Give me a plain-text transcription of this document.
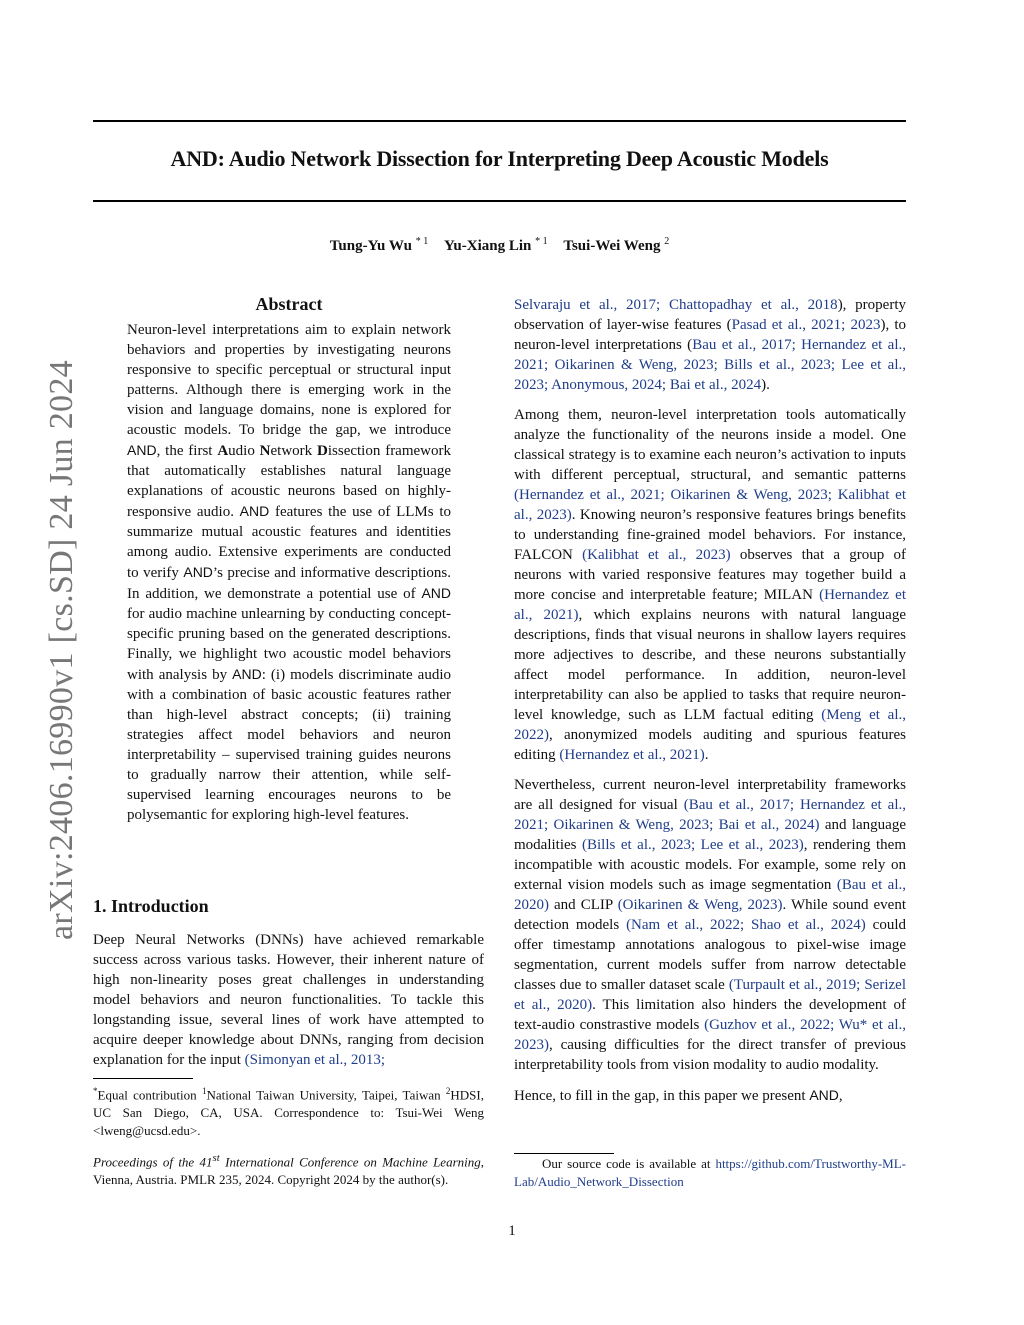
AND: Audio Network Dissection for Interpreting Deep Acoustic Models
Tung-Yu Wu $^{* 1}$ Yu-Xiang Lin $^{* 1}$ Tsui-Wei Weng $^2$
arXiv:2406.16990v1 [cs.SD] 24 Jun 2024
Abstract
Neuron-level interpretations aim to explain network behaviors and properties by investigating neurons responsive to specific perceptual or structural input patterns. Although there is emerging work in the vision and language domains, none is explored for acoustic models. To bridge the gap, we introduce AND, the first Audio Network Dissection framework that automatically establishes natural language explanations of acoustic neurons based on highly-responsive audio. AND features the use of LLMs to summarize mutual acoustic features and identities among audio. Extensive experiments are conducted to verify AND’s precise and informative descriptions. In addition, we demonstrate a potential use of AND for audio machine unlearning by conducting concept-specific pruning based on the generated descriptions. Finally, we highlight two acoustic model behaviors with analysis by AND: (i) models discriminate audio with a combination of basic acoustic features rather than high-level abstract concepts; (ii) training strategies affect model behaviors and neuron interpretability – supervised training guides neurons to gradually narrow their attention, while self-supervised learning encourages neurons to be polysemantic for exploring high-level features.
1. Introduction
Deep Neural Networks (DNNs) have achieved remarkable success across various tasks. However, their inherent nature of high non-linearity poses great challenges in understanding model behaviors and neuron functionalities. To tackle this longstanding issue, several lines of work have attempted to acquire deeper knowledge about DNNs, ranging from decision explanation for the input (Simonyan et al., 2013;
*Equal contribution $^1$National Taiwan University, Taipei, Taiwan $^2$HDSI, UC San Diego, CA, USA. Correspondence to: Tsui-Wei Weng <lweng@ucsd.edu>.
Proceedings of the 41st International Conference on Machine Learning, Vienna, Austria. PMLR 235, 2024. Copyright 2024 by the author(s).

Selvaraju et al., 2017; Chattopadhay et al., 2018), property observation of layer-wise features (Pasad et al., 2021; 2023), to neuron-level interpretations (Bau et al., 2017; Hernandez et al., 2021; Oikarinen & Weng, 2023; Bills et al., 2023; Lee et al., 2023; Anonymous, 2024; Bai et al., 2024).

Among them, neuron-level interpretation tools automatically analyze the functionality of the neurons inside a model. One classical strategy is to examine each neuron’s activation to inputs with different perceptual, structural, and semantic patterns (Hernandez et al., 2021; Oikarinen & Weng, 2023; Kalibhat et al., 2023). Knowing neuron’s responsive features brings benefits to understanding fine-grained model behaviors. For instance, FALCON (Kalibhat et al., 2023) observes that a group of neurons with varied responsive features may together build a more concise and interpretable feature; MILAN (Hernandez et al., 2021), which explains neurons with natural language descriptions, finds that visual neurons in shallow layers requires more adjectives to describe, and these neurons substantially affect model performance. In addition, neuron-level interpretability can also be applied to tasks that require neuron-level knowledge, such as LLM factual editing (Meng et al., 2022), anonymized models auditing and spurious features editing (Hernandez et al., 2021).

Nevertheless, current neuron-level interpretability frameworks are all designed for visual (Bau et al., 2017; Hernandez et al., 2021; Oikarinen & Weng, 2023; Bai et al., 2024) and language modalities (Bills et al., 2023; Lee et al., 2023), rendering them incompatible with acoustic models. For example, some rely on external vision models such as image segmentation (Bau et al., 2020) and CLIP (Oikarinen & Weng, 2023). While sound event detection models (Nam et al., 2022; Shao et al., 2024) could offer timestamp annotations analogous to pixel-wise image segmentation, current models suffer from narrow detectable classes due to smaller dataset scale (Turpault et al., 2019; Serizel et al., 2020). This limitation also hinders the development of text-audio constrastive models (Guzhov et al., 2022; Wu* et al., 2023), causing difficulties for the direct transfer of previous interpretability tools from vision modality to audio modality.

Hence, to fill in the gap, in this paper we present AND,

Our source code is available at https://github.com/Trustworthy-ML-Lab/Audio_Network_Dissection
1
